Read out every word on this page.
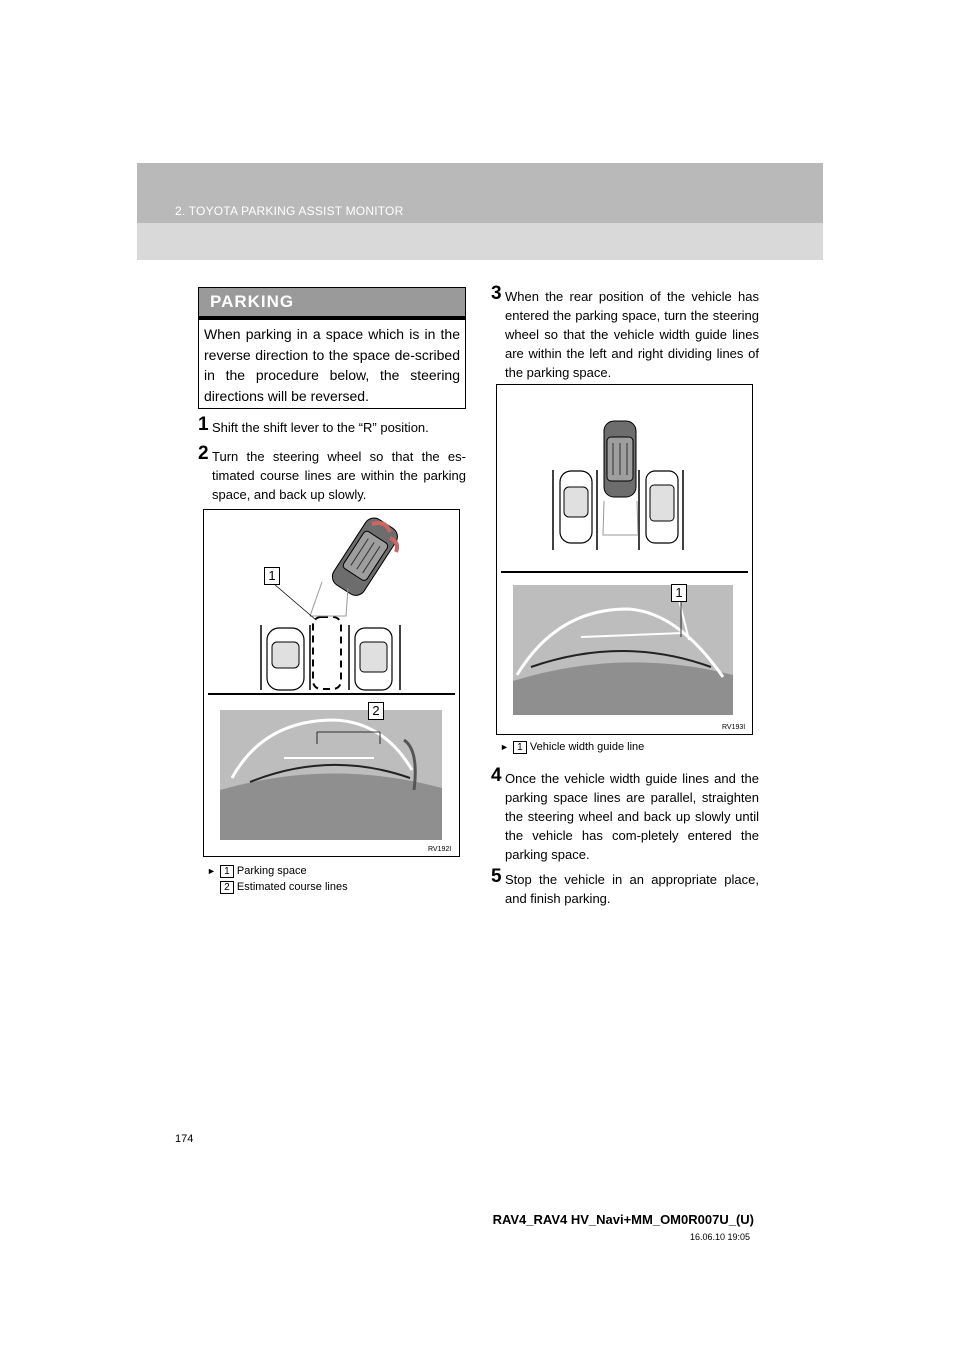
2. TOYOTA PARKING ASSIST MONITOR
PARKING
When parking in a space which is in the reverse direction to the space de-scribed in the procedure below, the steering directions will be reversed.
1 Shift the shift lever to the “R” position.
2 Turn the steering wheel so that the es-timated course lines are within the parking space, and back up slowly.
1
2
RV192I
► 1 Parking space
2 Estimated course lines
3 When the rear position of the vehicle has entered the parking space, turn the steering wheel so that the vehicle width guide lines are within the left and right dividing lines of the parking space.
1
RV193I
► 1 Vehicle width guide line
4 Once the vehicle width guide lines and the parking space lines are parallel, straighten the steering wheel and back up slowly until the vehicle has com-pletely entered the parking space.
5 Stop the vehicle in an appropriate place, and finish parking.
174
RAV4_RAV4 HV_Navi+MM_OM0R007U_(U)
16.06.10 19:05
